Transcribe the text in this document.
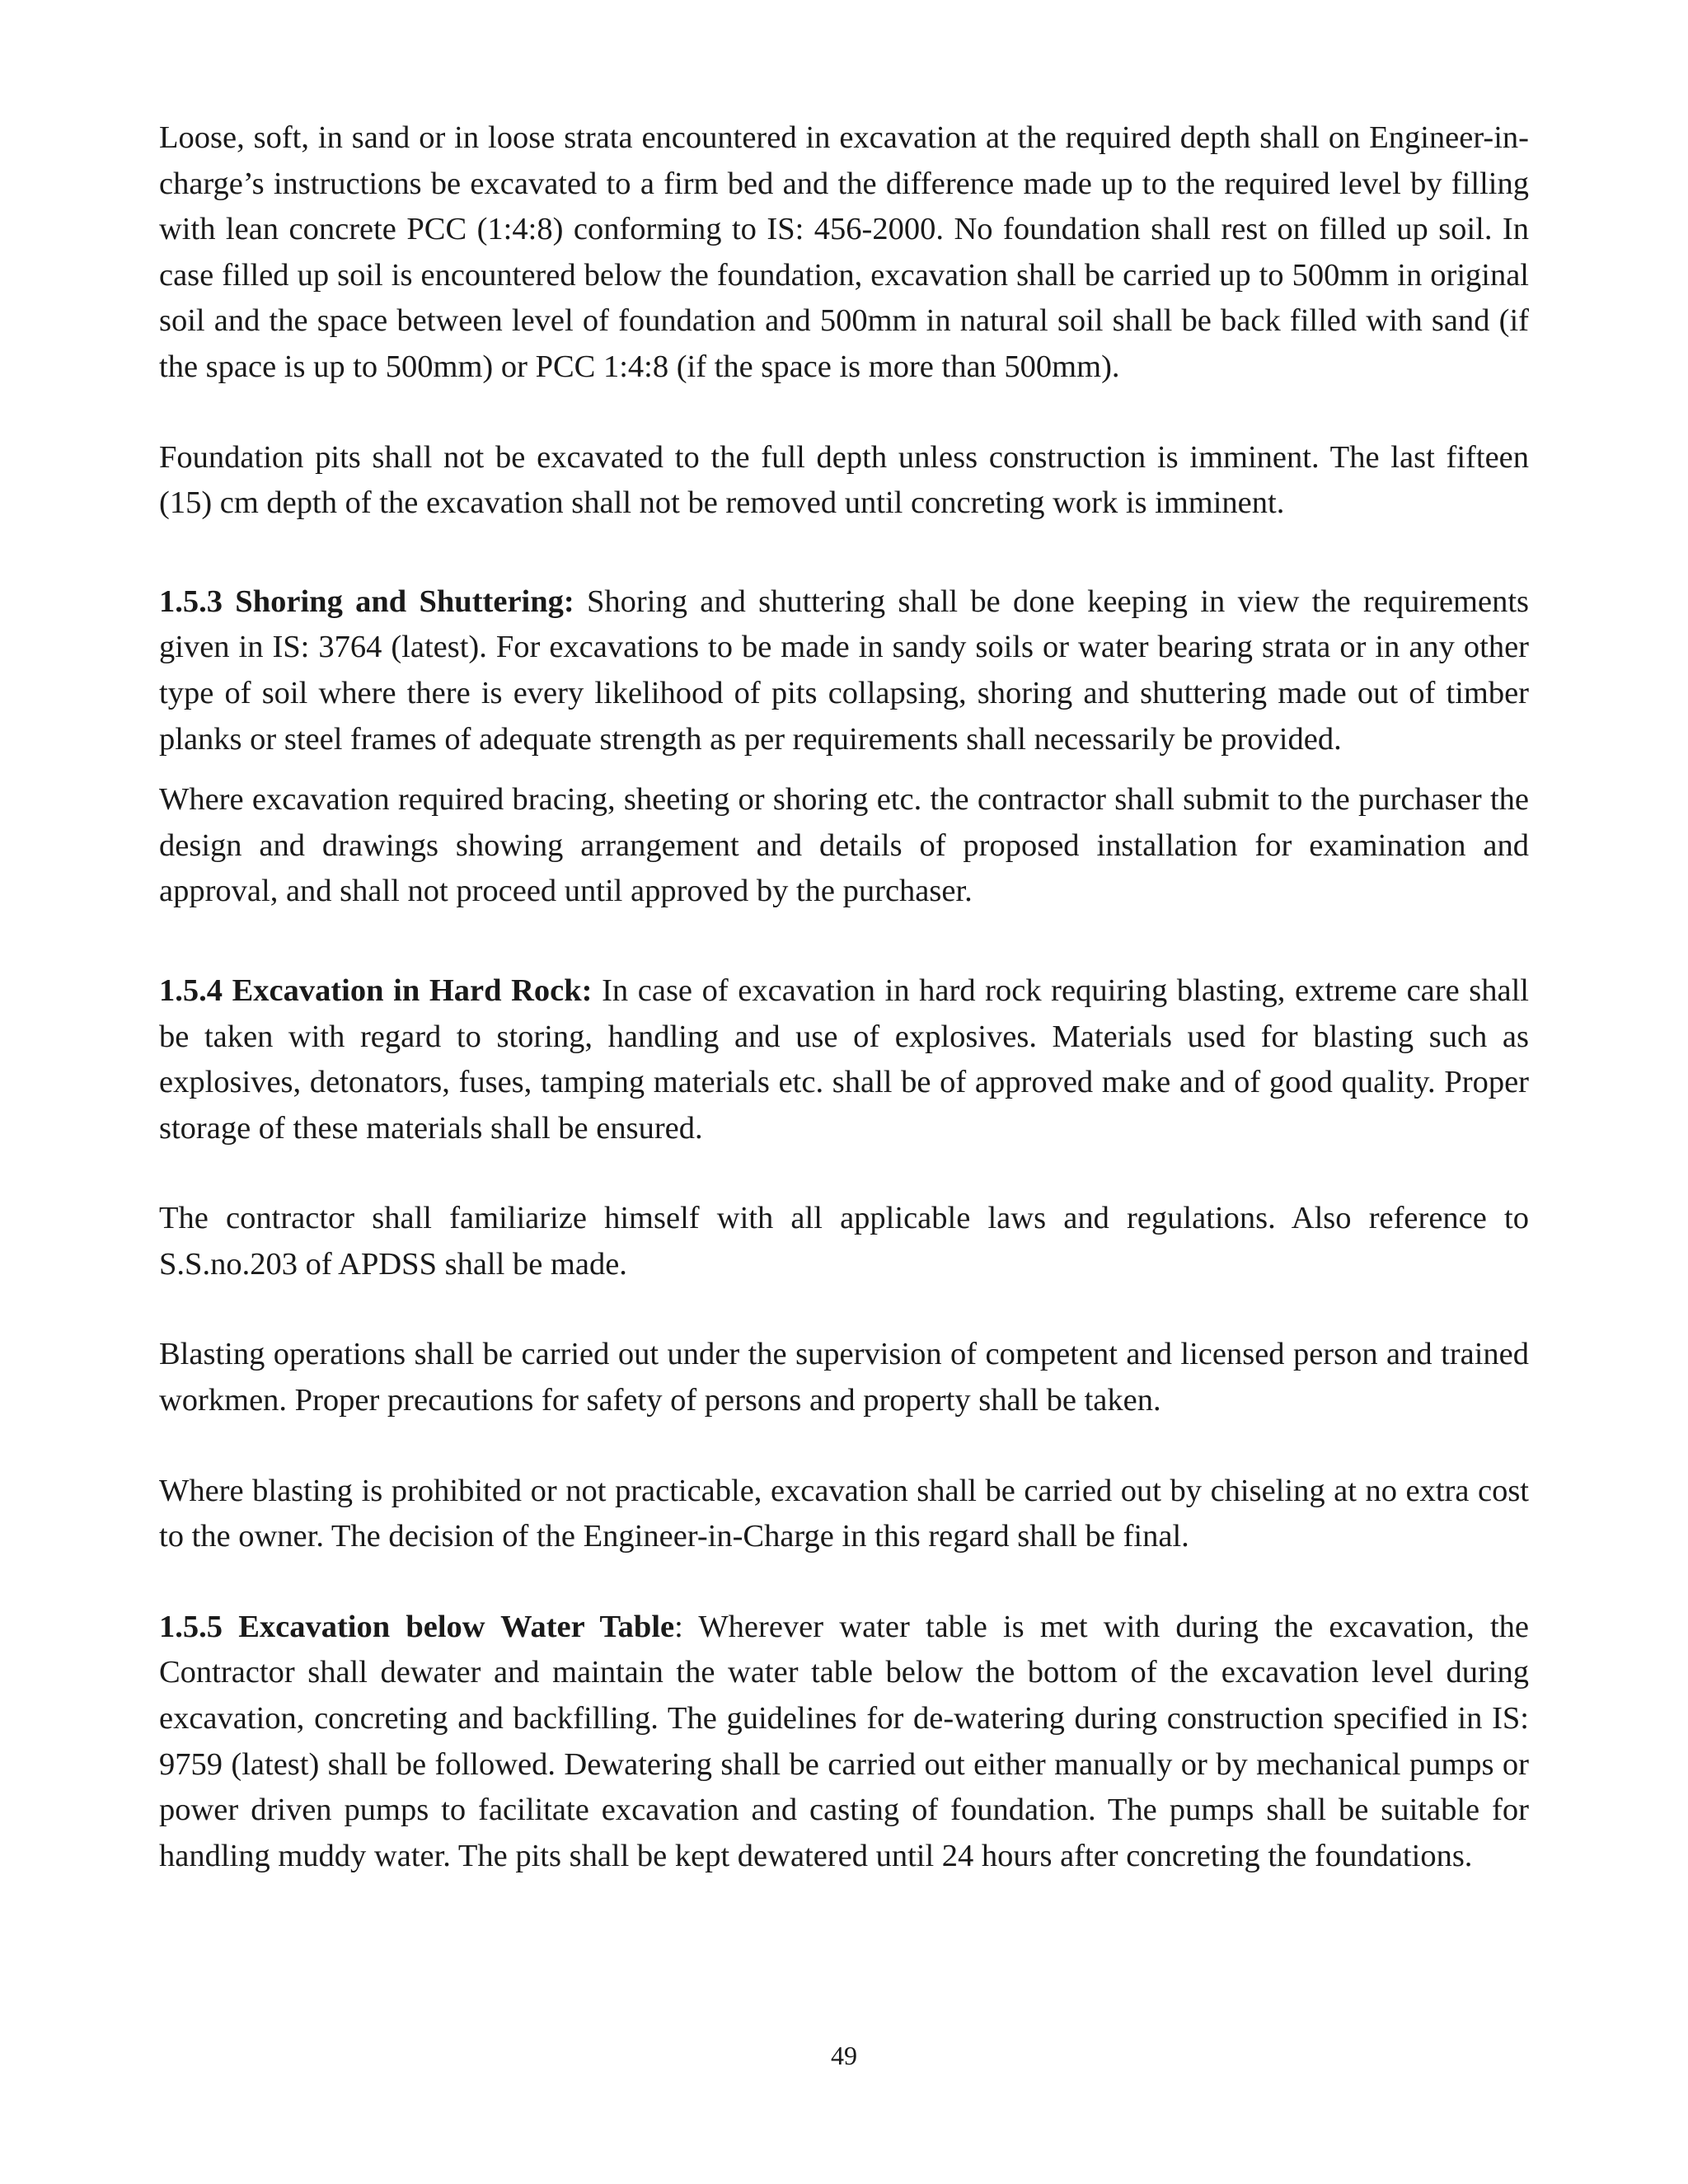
Loose, soft, in sand or in loose strata encountered in excavation at the required depth shall on Engineer-in-charge’s instructions be excavated to a firm bed and the difference made up to the required level by filling with lean concrete PCC (1:4:8) conforming to IS: 456-2000. No foundation shall rest on filled up soil. In case filled up soil is encountered below the foundation, excavation shall be carried up to 500mm in original soil and the space between level of foundation and 500mm in natural soil shall be back filled with sand (if the space is up to 500mm) or PCC 1:4:8 (if the space is more than 500mm).

Foundation pits shall not be excavated to the full depth unless construction is imminent. The last fifteen (15) cm depth of the excavation shall not be removed until concreting work is imminent.

1.5.3 Shoring and Shuttering: Shoring and shuttering shall be done keeping in view the requirements given in IS: 3764 (latest). For excavations to be made in sandy soils or water bearing strata or in any other type of soil where there is every likelihood of pits collapsing, shoring and shuttering made out of timber planks or steel frames of adequate strength as per requirements shall necessarily be provided.

Where excavation required bracing, sheeting or shoring etc. the contractor shall submit to the purchaser the design and drawings showing arrangement and details of proposed installation for examination and approval, and shall not proceed until approved by the purchaser.

1.5.4 Excavation in Hard Rock: In case of excavation in hard rock requiring blasting, extreme care shall be taken with regard to storing, handling and use of explosives. Materials used for blasting such as explosives, detonators, fuses, tamping materials etc. shall be of approved make and of good quality. Proper storage of these materials shall be ensured.

The contractor shall familiarize himself with all applicable laws and regulations. Also reference to S.S.no.203 of APDSS shall be made.

Blasting operations shall be carried out under the supervision of competent and licensed person and trained workmen. Proper precautions for safety of persons and property shall be taken.

Where blasting is prohibited or not practicable, excavation shall be carried out by chiseling at no extra cost to the owner. The decision of the Engineer-in-Charge in this regard shall be final.

1.5.5 Excavation below Water Table: Wherever water table is met with during the excavation, the Contractor shall dewater and maintain the water table below the bottom of the excavation level during excavation, concreting and backfilling. The guidelines for de-watering during construction specified in IS: 9759 (latest) shall be followed. Dewatering shall be carried out either manually or by mechanical pumps or power driven pumps to facilitate excavation and casting of foundation. The pumps shall be suitable for handling muddy water. The pits shall be kept dewatered until 24 hours after concreting the foundations.

49
